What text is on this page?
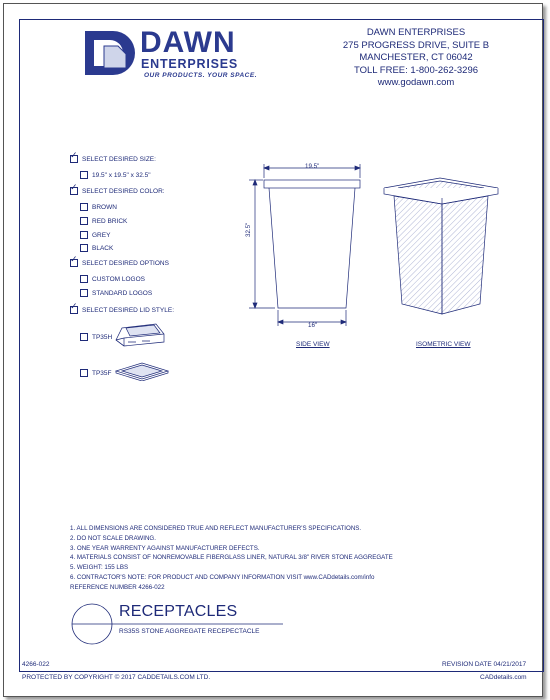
DAWN
ENTERPRISES
OUR PRODUCTS. YOUR SPACE.
DAWN ENTERPRISES
275 PROGRESS DRIVE, SUITE B
MANCHESTER, CT 06042
TOLL FREE: 1-800-262-3296
www.godawn.com
✓
SELECT DESIRED SIZE:
19.5" x 19.5" x 32.5"
✓
SELECT DESIRED COLOR:
BROWN
RED BRICK
GREY
BLACK
✓
SELECT DESIRED OPTIONS
CUSTOM LOGOS
STANDARD LOGOS
✓
SELECT DESIRED LID STYLE:
TP35H
TP35F
19.5"
32.5"
16"
SIDE VIEW	ISOMETRIC VIEW
1. ALL DIMENSIONS ARE CONSIDERED TRUE AND REFLECT MANUFACTURER'S SPECIFICATIONS.
2. DO NOT SCALE DRAWING.
3. ONE YEAR WARRENTY AGAINST MANUFACTURER DEFECTS.
4. MATERIALS CONSIST OF NONREMOVABLE FIBERGLASS LINER, NATURAL 3/8" RIVER STONE AGGREGATE
5. WEIGHT: 155 LBS
6. CONTRACTOR'S NOTE: FOR PRODUCT AND COMPANY INFORMATION VISIT www.CADdetails.com/info
REFERENCE NUMBER 4266-022
RECEPTACLES
RS35S STONE AGGREGATE RECEPECTACLE
4266-022	REVISION DATE 04/21/2017
PROTECTED BY COPYRIGHT © 2017 CADDETAILS.COM LTD.	CADdetails.com
